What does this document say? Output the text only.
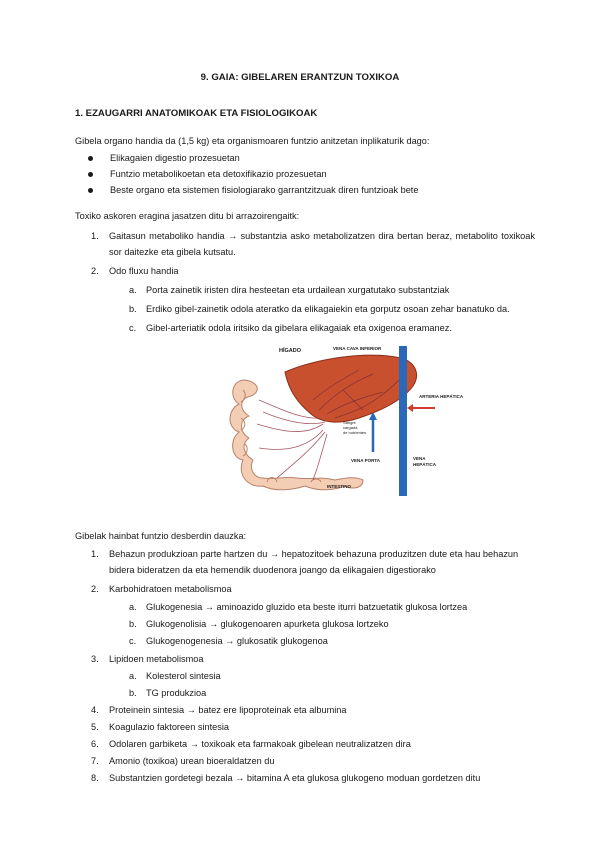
9. GAIA: GIBELAREN ERANTZUN TOXIKOA
1. EZAUGARRI ANATOMIKOAK ETA FISIOLOGIKOAK
Gibela organo handia da (1,5 kg) eta organismoaren funtzio anitzetan inplikaturik dago:
Elikagaien digestio prozesuetan
Funtzio metabolikoetan eta detoxifikazio prozesuetan
Beste organo eta sistemen fisiologiarako garrantzitzuak diren funtzioak bete
Toxiko askoren eragina jasatzen ditu bi arrazoirengaitk:
1. Gaitasun metaboliko handia → substantzia asko metabolizatzen dira bertan beraz, metabolito toxikoak sor daitezke eta gibela kutsatu.
2. Odo fluxu handia
a. Porta zainetik iristen dira hesteetan eta urdailean xurgatutako substantziak
b. Erdiko gibel-zainetik odola ateratko da elikagaiekin eta gorputz osoan zehar banatuko da.
c. Gibel-arteriatik odola iritsiko da gibelara elikagaiak eta oxigenoa eramanez.
HÍGADO	VENA CAVA INFERIOR
ARTERIA HEPÁTICA
Sangre
cargada
de nutrientes
VENA PORTA	VENA
HEPÁTICA
INTESTINO
Gibelak hainbat funtzio desberdin dauzka:
1. Behazun produkzioan parte hartzen du → hepatozitoek behazuna produzitzen dute eta hau behazun bidera bideratzen da eta hemendik duodenora joango da elikagaien digestiorako
2. Karbohidratoen metabolismoa
a. Glukogenesia → aminoazido gluzido eta beste iturri batzuetatik glukosa lortzea
b. Glukogenolisia → glukogenoaren apurketa glukosa lortzeko
c. Glukogenogenesia → glukosatik glukogenoa
3. Lipidoen metabolismoa
a. Kolesterol sintesia
b. TG produkzioa
4. Proteinein sintesia → batez ere lipoproteinak eta albumina
5. Koagulazio faktoreen sintesia
6. Odolaren garbiketa → toxikoak eta farmakoak gibelean neutralizatzen dira
7. Amonio (toxikoa) urean bioeraldatzen du
8. Substantzien gordetegi bezala → bitamina A eta glukosa glukogeno moduan gordetzen ditu
